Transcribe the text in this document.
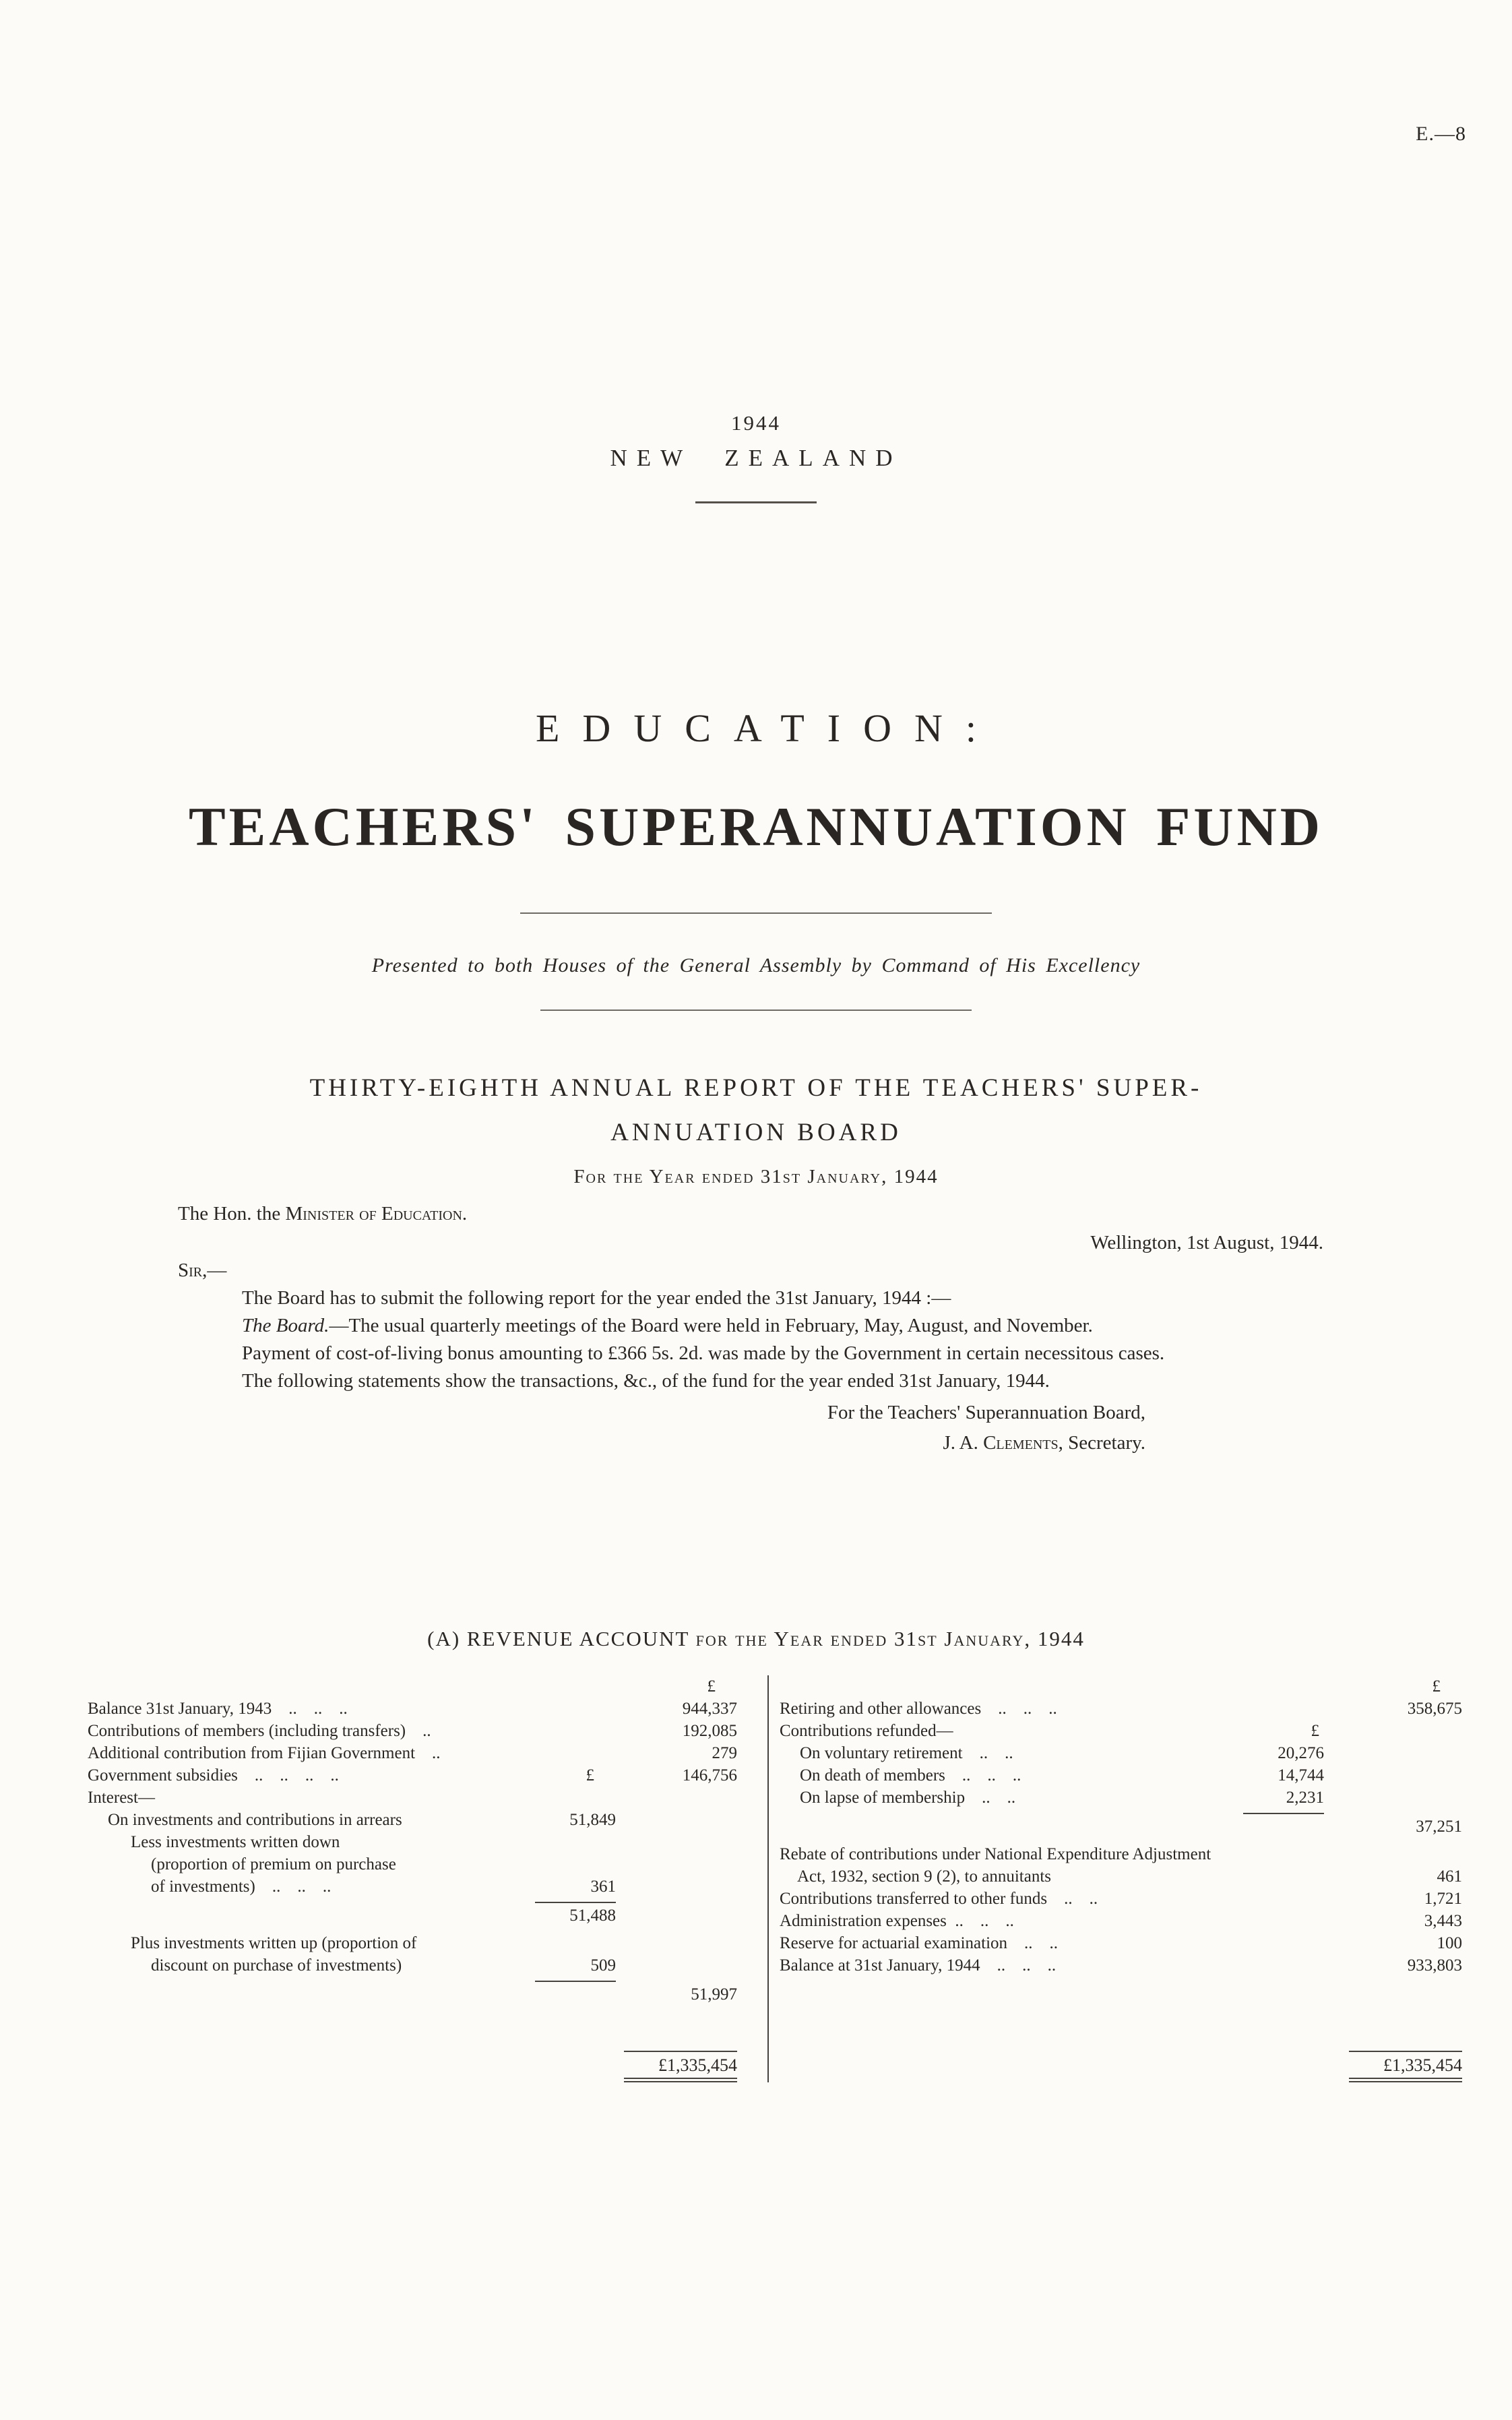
E.—8
1944
NEW ZEALAND
EDUCATION:
TEACHERS' SUPERANNUATION FUND
Presented to both Houses of the General Assembly by Command of His Excellency
THIRTY-EIGHTH ANNUAL REPORT OF THE TEACHERS' SUPER-
ANNUATION BOARD
For the Year ended 31st January, 1944
The Hon. the Minister of Education.
Wellington, 1st August, 1944.
Sir,—

The Board has to submit the following report for the year ended the 31st January, 1944 :—

The Board.—The usual quarterly meetings of the Board were held in February, May, August, and November.

Payment of cost-of-living bonus amounting to £366 5s. 2d. was made by the Government in certain necessitous cases.

The following statements show the transactions, &c., of the fund for the year ended 31st January, 1944.

For the Teachers' Superannuation Board,
J. A. Clements, Secretary.
(A) REVENUE ACCOUNT for the Year ended 31st January, 1944
£
Balance 31st January, 1943  ..  ..  ..	944,337
Contributions of members (including transfers)  ..	192,085
Additional contribution from Fijian Government  ..	279
Government subsidies  ..  ..  ..  ..	£	146,756
Interest—
On investments and contributions in arrears	51,849
Less investments written down (proportion of premium on purchase of investments)  ..  ..  ..	361
51,488
Plus investments written up (proportion of discount on purchase of investments)	509
51,997
£1,335,454
£
Retiring and other allowances  ..  ..  ..	358,675
Contributions refunded—	£
On voluntary retirement  ..  ..	20,276
On death of members  ..  ..  ..	14,744
On lapse of membership  ..  ..	2,231
37,251
Rebate of contributions under National Expenditure Adjustment Act, 1932, section 9 (2), to annuitants	461
Contributions transferred to other funds  ..  ..	1,721
Administration expenses ..  ..  ..	3,443
Reserve for actuarial examination  ..  ..	100
Balance at 31st January, 1944  ..  ..  ..	933,803
£1,335,454
